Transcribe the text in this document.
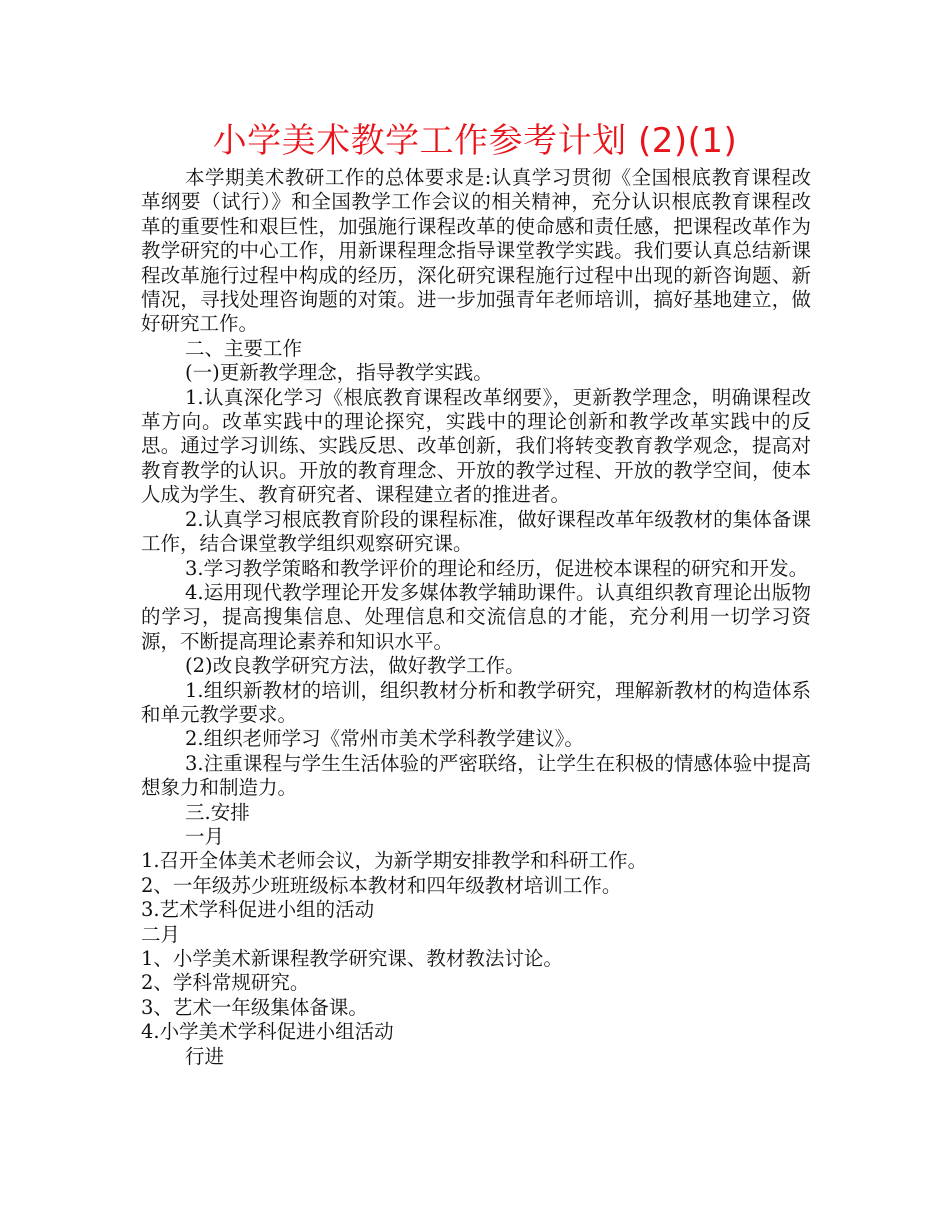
小学美术教学工作参考计划 (2)(1)

本学期美术教研工作的总体要求是:认真学习贯彻《全国根底教育课程改革纲要（试行）》和全国教学工作会议的相关精神，充分认识根底教育课程改革的重要性和艰巨性，加强施行课程改革的使命感和责任感，把课程改革作为教学研究的中心工作，用新课程理念指导课堂教学实践。我们要认真总结新课程改革施行过程中构成的经历，深化研究课程施行过程中出现的新咨询题、新情况，寻找处理咨询题的对策。进一步加强青年老师培训，搞好基地建立，做好研究工作。

二、主要工作

(一)更新教学理念，指导教学实践。

1.认真深化学习《根底教育课程改革纲要》，更新教学理念，明确课程改革方向。改革实践中的理论探究，实践中的理论创新和教学改革实践中的反思。通过学习训练、实践反思、改革创新，我们将转变教育教学观念，提高对教育教学的认识。开放的教育理念、开放的教学过程、开放的教学空间，使本人成为学生、教育研究者、课程建立者的推进者。

2.认真学习根底教育阶段的课程标准，做好课程改革年级教材的集体备课工作，结合课堂教学组织观察研究课。

3.学习教学策略和教学评价的理论和经历，促进校本课程的研究和开发。

4.运用现代教学理论开发多媒体教学辅助课件。认真组织教育理论出版物的学习，提高搜集信息、处理信息和交流信息的才能，充分利用一切学习资源，不断提高理论素养和知识水平。

(2)改良教学研究方法，做好教学工作。

1.组织新教材的培训，组织教材分析和教学研究，理解新教材的构造体系和单元教学要求。

2.组织老师学习《常州市美术学科教学建议》。

3.注重课程与学生生活体验的严密联络，让学生在积极的情感体验中提高想象力和制造力。

三.安排

一月

1.召开全体美术老师会议，为新学期安排教学和科研工作。

2、一年级苏少班班级标本教材和四年级教材培训工作。

3.艺术学科促进小组的活动

二月

1、小学美术新课程教学研究课、教材教法讨论。

2、学科常规研究。

3、艺术一年级集体备课。

4.小学美术学科促进小组活动

行进
